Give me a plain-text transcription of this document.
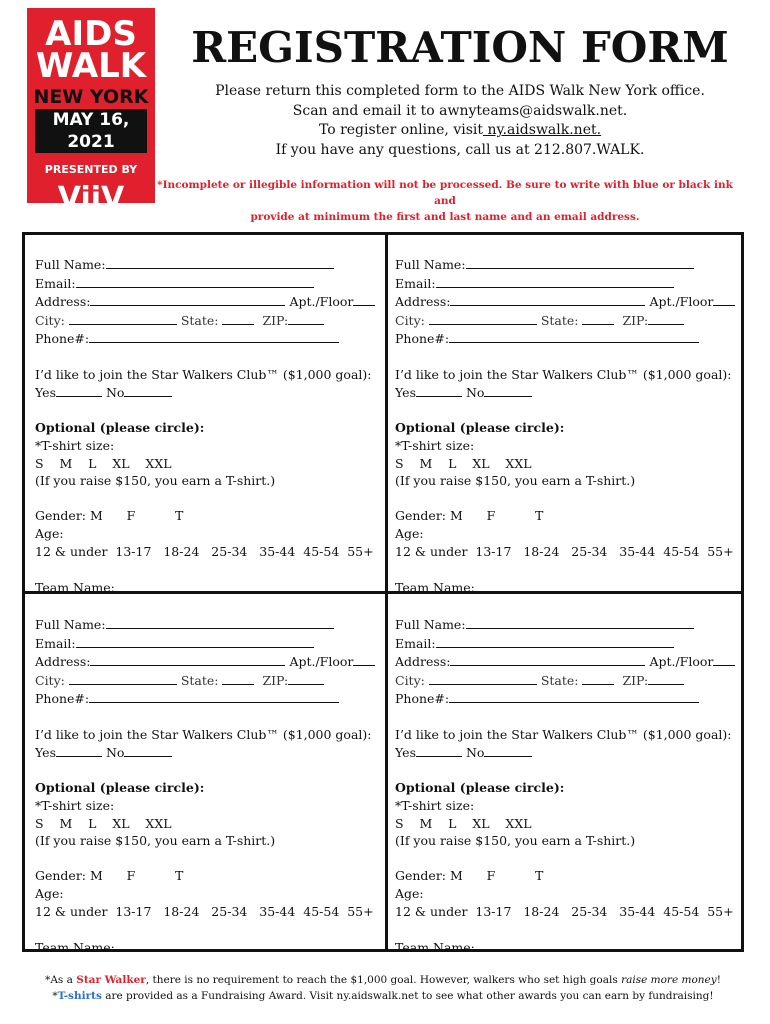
AIDS
WALK
NEW YORK
MAY 16, 2021
PRESENTED BY
ViiV
Healthcare
REGISTRATION FORM
Please return this completed form to the AIDS Walk New York office.
Scan and email it to awnyteams@aidswalk.net.
To register online, visit ny.aidswalk.net.
If you have any questions, call us at 212.807.WALK.
*Incomplete or illegible information will not be processed. Be sure to write with blue or black ink and
provide at minimum the first and last name and an email address.
Full Name:
Email:
Address:	Apt./Floor
City:	State:	ZIP:
Phone#:
I’d like to join the Star Walkers Club™ ($1,000 goal):
Yes	No
Optional (please circle):
*T-shirt size:
S    M    L    XL    XXL
(If you raise $150, you earn a T-shirt.)
Gender: M      F          T
Age:
12 & under  13-17   18-24   25-34   35-44  45-54  55+
Team Name:
Full Name:
Email:
Address:	Apt./Floor
City:	State:	ZIP:
Phone#:
I’d like to join the Star Walkers Club™ ($1,000 goal):
Yes	No
Optional (please circle):
*T-shirt size:
S    M    L    XL    XXL
(If you raise $150, you earn a T-shirt.)
Gender: M      F          T
Age:
12 & under  13-17   18-24   25-34   35-44  45-54  55+
Team Name:
Full Name:
Email:
Address:	Apt./Floor
City:	State:	ZIP:
Phone#:
I’d like to join the Star Walkers Club™ ($1,000 goal):
Yes	No
Optional (please circle):
*T-shirt size:
S    M    L    XL    XXL
(If you raise $150, you earn a T-shirt.)
Gender: M      F          T
Age:
12 & under  13-17   18-24   25-34   35-44  45-54  55+
Team Name:
Full Name:
Email:
Address:	Apt./Floor
City:	State:	ZIP:
Phone#:
I’d like to join the Star Walkers Club™ ($1,000 goal):
Yes	No
Optional (please circle):
*T-shirt size:
S    M    L    XL    XXL
(If you raise $150, you earn a T-shirt.)
Gender: M      F          T
Age:
12 & under  13-17   18-24   25-34   35-44  45-54  55+
Team Name:
*As a Star Walker, there is no requirement to reach the $1,000 goal. However, walkers who set high goals raise more money!
*T-shirts are provided as a Fundraising Award. Visit ny.aidswalk.net to see what other awards you can earn by fundraising!
